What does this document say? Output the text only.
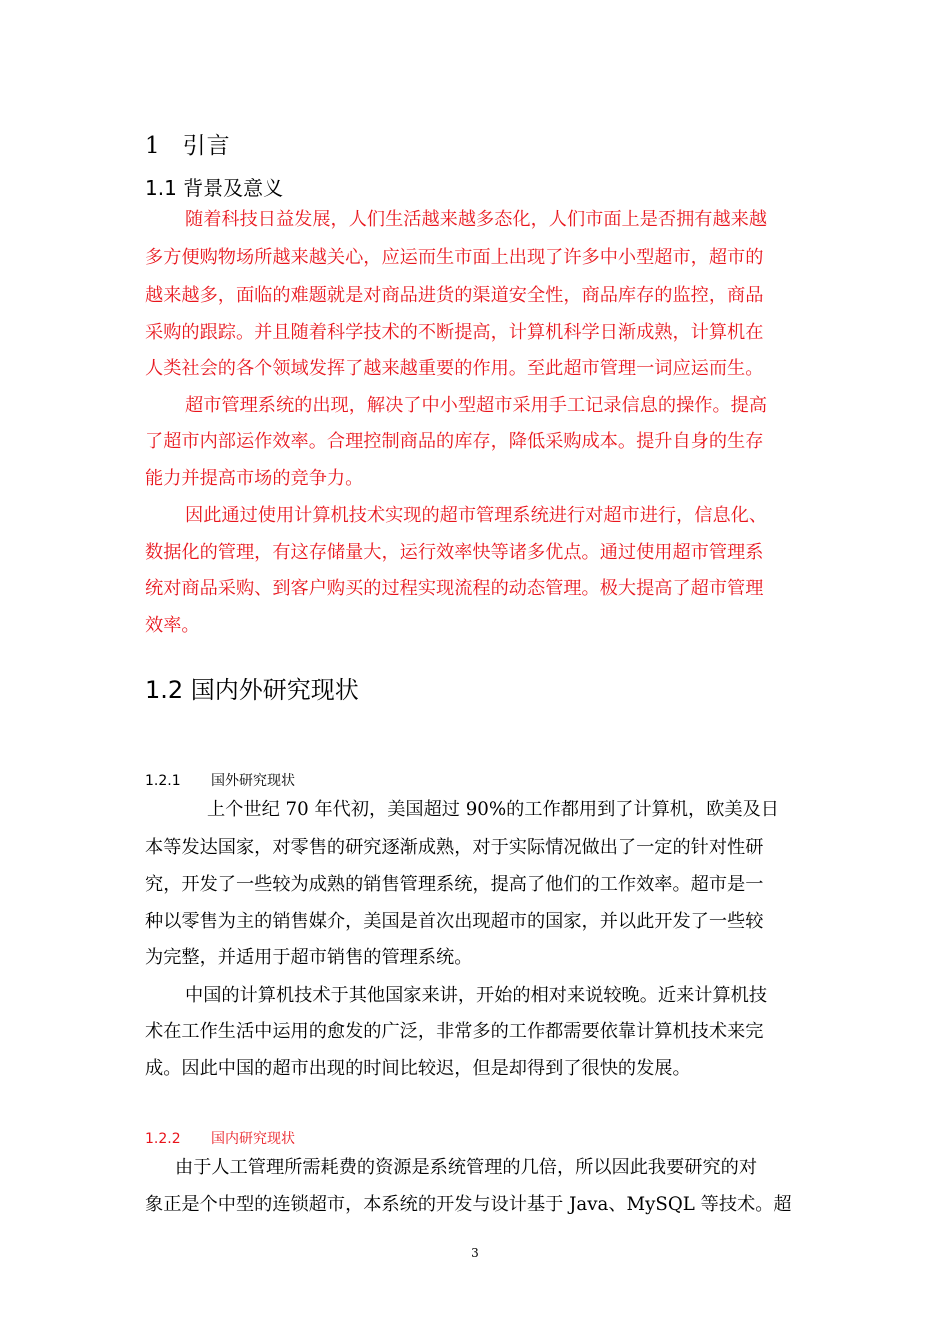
1 引言
1.1 背景及意义
随着科技日益发展，人们生活越来越多态化，人们市面上是否拥有越来越
多方便购物场所越来越关心，应运而生市面上出现了许多中小型超市，超市的
越来越多，面临的难题就是对商品进货的渠道安全性，商品库存的监控，商品
采购的跟踪。并且随着科学技术的不断提高，计算机科学日渐成熟，计算机在
人类社会的各个领域发挥了越来越重要的作用。至此超市管理一词应运而生。
超市管理系统的出现，解决了中小型超市采用手工记录信息的操作。提高
了超市内部运作效率。合理控制商品的库存，降低采购成本。提升自身的生存
能力并提高市场的竞争力。
因此通过使用计算机技术实现的超市管理系统进行对超市进行，信息化、
数据化的管理，有这存储量大，运行效率快等诸多优点。通过使用超市管理系
统对商品采购、到客户购买的过程实现流程的动态管理。极大提高了超市管理
效率。
1.2 国内外研究现状
1.2.1 国外研究现状
上个世纪 70 年代初，美国超过 90%的工作都用到了计算机，欧美及日
本等发达国家，对零售的研究逐渐成熟，对于实际情况做出了一定的针对性研
究，开发了一些较为成熟的销售管理系统，提高了他们的工作效率。超市是一
种以零售为主的销售媒介，美国是首次出现超市的国家，并以此开发了一些较
为完整，并适用于超市销售的管理系统。
中国的计算机技术于其他国家来讲，开始的相对来说较晚。近来计算机技
术在工作生活中运用的愈发的广泛，非常多的工作都需要依靠计算机技术来完
成。因此中国的超市出现的时间比较迟，但是却得到了很快的发展。
1.2.2 国内研究现状
由于人工管理所需耗费的资源是系统管理的几倍，所以因此我要研究的对
象正是个中型的连锁超市，本系统的开发与设计基于 Java、MySQL 等技术。超
3
